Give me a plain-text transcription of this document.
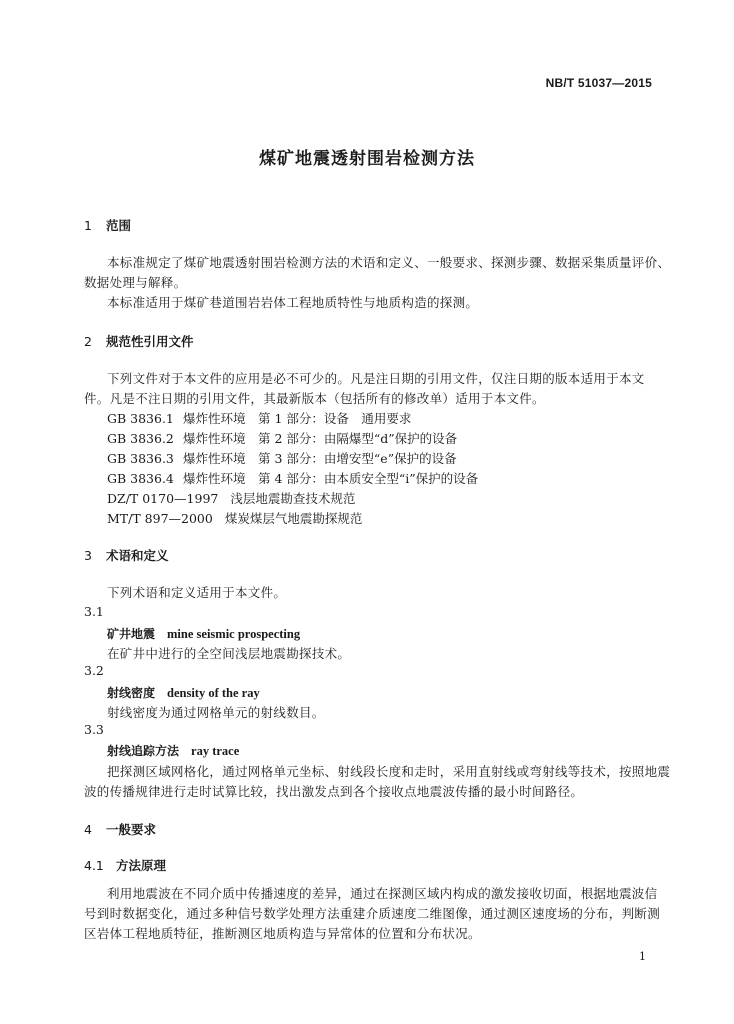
NB/T 51037—2015
煤矿地震透射围岩检测方法
1 范围
本标准规定了煤矿地震透射围岩检测方法的术语和定义、一般要求、探测步骤、数据采集质量评价、
数据处理与解释。
本标准适用于煤矿巷道围岩岩体工程地质特性与地质构造的探测。
2 规范性引用文件
下列文件对于本文件的应用是必不可少的。凡是注日期的引用文件，仅注日期的版本适用于本文
件。凡是不注日期的引用文件，其最新版本（包括所有的修改单）适用于本文件。
GB 3836.1 爆炸性环境　第 1 部分：设备　通用要求
GB 3836.2 爆炸性环境　第 2 部分：由隔爆型“d”保护的设备
GB 3836.3 爆炸性环境　第 3 部分：由增安型“e”保护的设备
GB 3836.4 爆炸性环境　第 4 部分：由本质安全型“i”保护的设备
DZ/T 0170—1997 浅层地震勘查技术规范
MT/T 897—2000 煤炭煤层气地震勘探规范
3 术语和定义
下列术语和定义适用于本文件。
3.1
矿井地震 mine seismic prospecting
在矿井中进行的全空间浅层地震勘探技术。
3.2
射线密度 density of the ray
射线密度为通过网格单元的射线数目。
3.3
射线追踪方法 ray trace
把探测区域网格化，通过网格单元坐标、射线段长度和走时，采用直射线或弯射线等技术，按照地震
波的传播规律进行走时试算比较，找出激发点到各个接收点地震波传播的最小时间路径。
4 一般要求
4.1 方法原理
利用地震波在不同介质中传播速度的差异，通过在探测区域内构成的激发接收切面，根据地震波信
号到时数据变化，通过多种信号数学处理方法重建介质速度二维图像，通过测区速度场的分布，判断测
区岩体工程地质特征，推断测区地质构造与异常体的位置和分布状况。
1
